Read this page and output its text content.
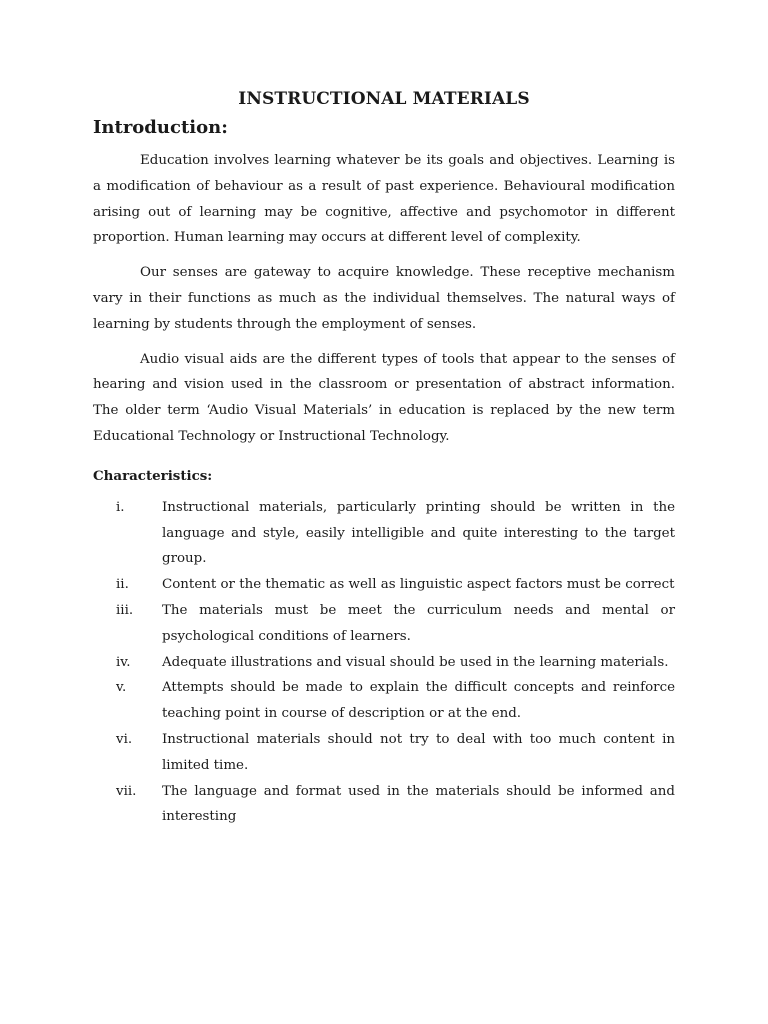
INSTRUCTIONAL MATERIALS
Introduction:

Education involves learning whatever be its goals and objectives. Learning is a modification of behaviour as a result of past experience. Behavioural modification arising out of learning may be cognitive, affective and psychomotor in different proportion. Human learning may occurs at different level of complexity.

Our senses are gateway to acquire knowledge. These receptive mechanism vary in their functions as much as the individual themselves. The natural ways of learning by students through the employment of senses.

Audio visual aids are the different types of tools that appear to the senses of hearing and vision used in the classroom or presentation of abstract information. The older term ‘Audio Visual Materials’ in education is replaced by the new term Educational Technology or Instructional Technology.

Characteristics:
i.	Instructional materials, particularly printing should be written in the language and style, easily intelligible and quite interesting to the target group.
ii.	Content or the thematic as well as linguistic aspect factors must be correct
iii.	The materials must be meet the curriculum needs and mental or psychological conditions of learners.
iv.	Adequate illustrations and visual should be used in the learning materials.
v.	Attempts should be made to explain the difficult concepts and reinforce teaching point in course of description or at the end.
vi.	Instructional materials should not try to deal with too much content in limited time.
vii.	The language and format used in the materials should be informed and interesting
